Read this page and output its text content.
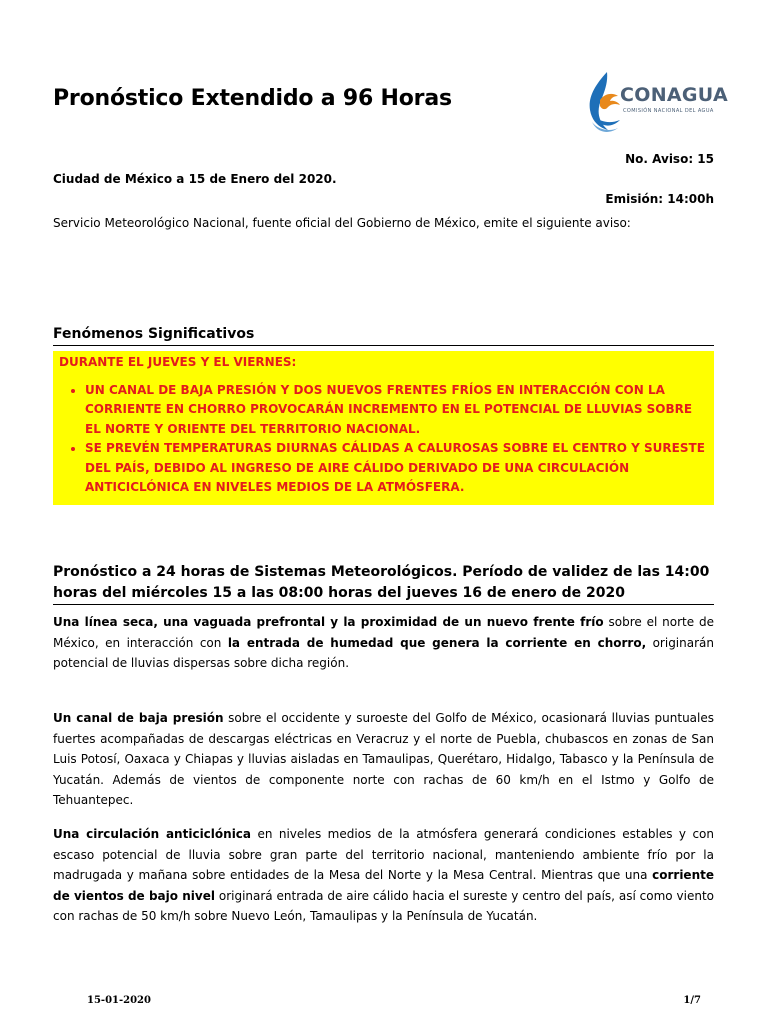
Pronóstico Extendido a 96 Horas	CONAGUA
COMISIÓN NACIONAL DEL AGUA
No. Aviso: 15
Ciudad de México a 15 de Enero del 2020.
Emisión: 14:00h
Servicio Meteorológico Nacional, fuente oficial del Gobierno de México, emite el siguiente aviso:
Fenómenos Significativos
DURANTE EL JUEVES Y EL VIERNES:
• UN CANAL DE BAJA PRESIÓN Y DOS NUEVOS FRENTES FRÍOS EN INTERACCIÓN CON LA CORRIENTE EN CHORRO PROVOCARÁN INCREMENTO EN EL POTENCIAL DE LLUVIAS SOBRE EL NORTE Y ORIENTE DEL TERRITORIO NACIONAL.
• SE PREVÉN TEMPERATURAS DIURNAS CÁLIDAS A CALUROSAS SOBRE EL CENTRO Y SURESTE DEL PAÍS, DEBIDO AL INGRESO DE AIRE CÁLIDO DERIVADO DE UNA CIRCULACIÓN ANTICICLÓNICA EN NIVELES MEDIOS DE LA ATMÓSFERA.
Pronóstico a 24 horas de Sistemas Meteorológicos. Período de validez de las 14:00 horas del miércoles 15 a las 08:00 horas del jueves 16 de enero de 2020

Una línea seca, una vaguada prefrontal y la proximidad de un nuevo frente frío sobre el norte de México, en interacción con la entrada de humedad que genera la corriente en chorro, originarán potencial de lluvias dispersas sobre dicha región.

Un canal de baja presión sobre el occidente y suroeste del Golfo de México, ocasionará lluvias puntuales fuertes acompañadas de descargas eléctricas en Veracruz y el norte de Puebla, chubascos en zonas de San Luis Potosí, Oaxaca y Chiapas y lluvias aisladas en Tamaulipas, Querétaro, Hidalgo, Tabasco y la Península de Yucatán. Además de vientos de componente norte con rachas de 60 km/h en el Istmo y Golfo de Tehuantepec.

Una circulación anticiclónica en niveles medios de la atmósfera generará condiciones estables y con escaso potencial de lluvia sobre gran parte del territorio nacional, manteniendo ambiente frío por la madrugada y mañana sobre entidades de la Mesa del Norte y la Mesa Central. Mientras que una corriente de vientos de bajo nivel originará entrada de aire cálido hacia el sureste y centro del país, así como viento con rachas de 50 km/h sobre Nuevo León, Tamaulipas y la Península de Yucatán.

15-01-2020	1/7
